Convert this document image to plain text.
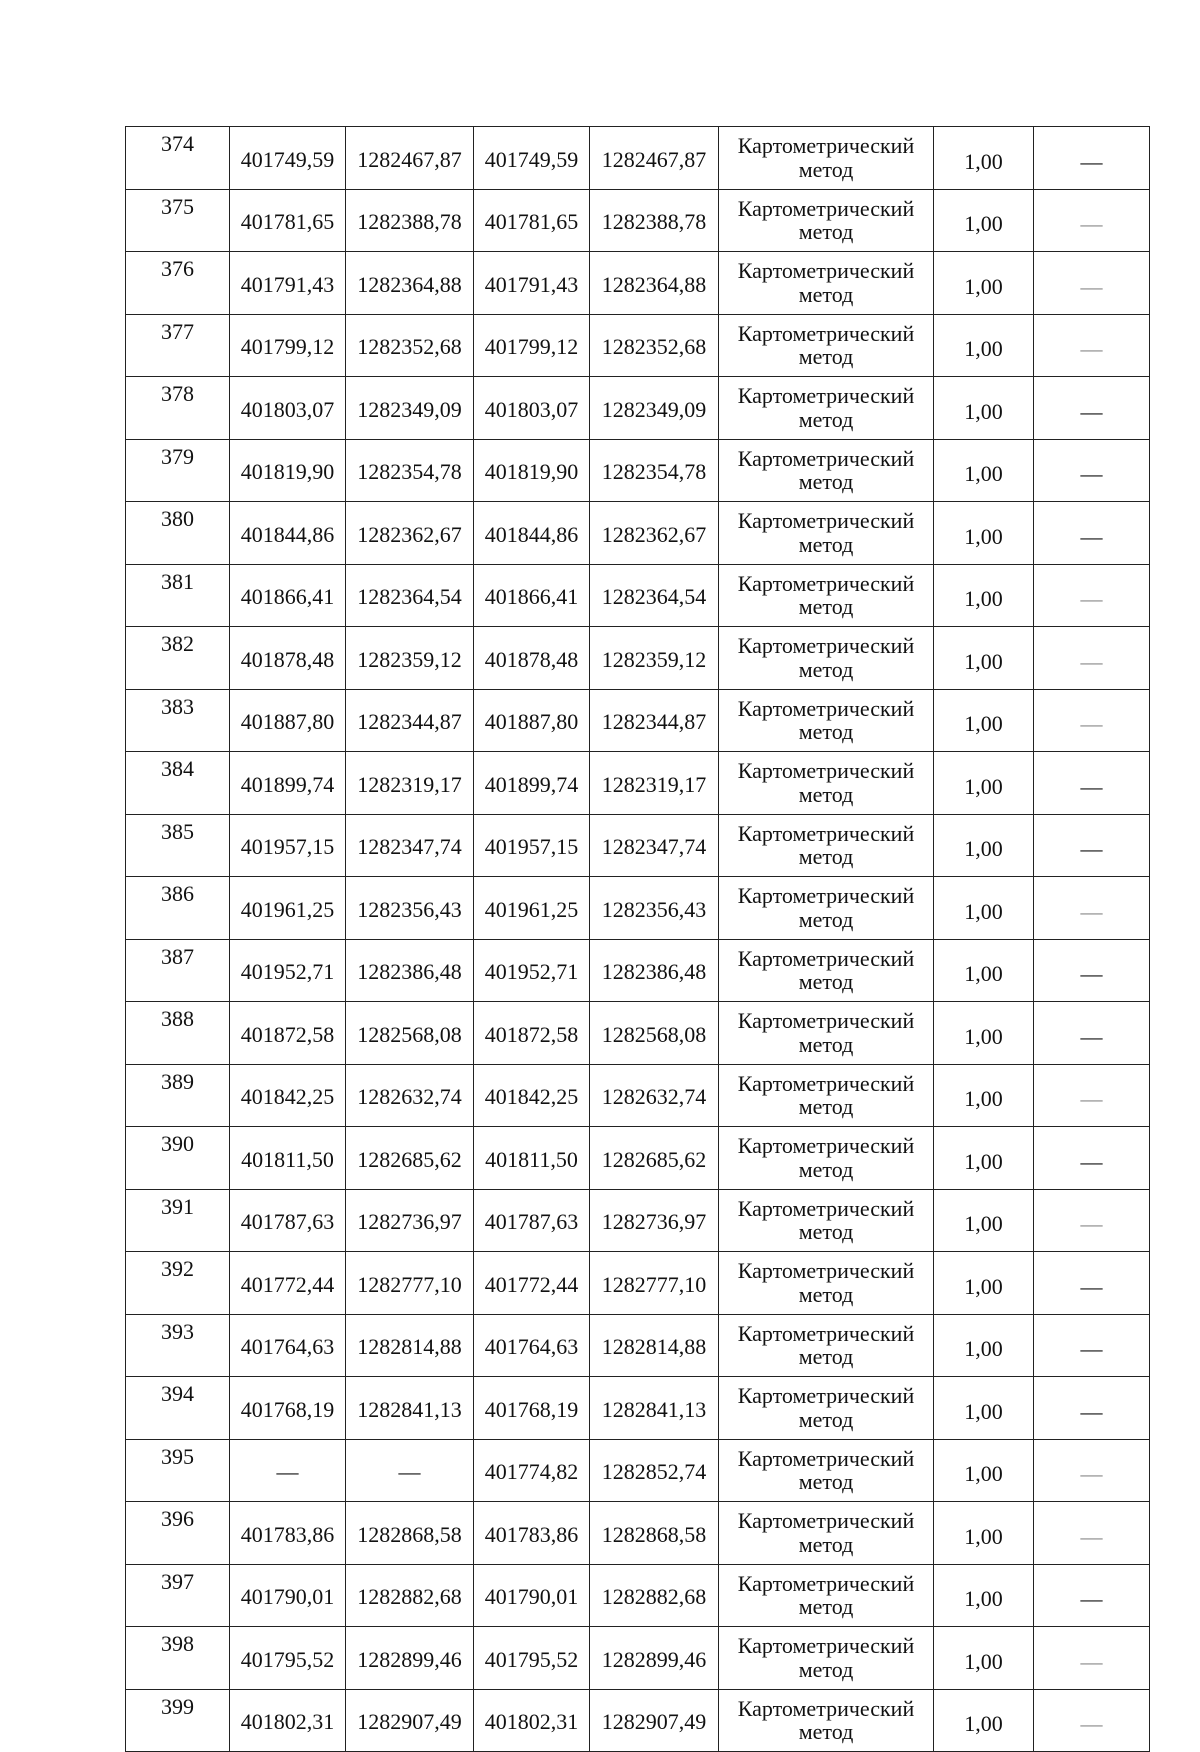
374	401749,59	1282467,87	401749,59	1282467,87	Картометрический
метод	1,00	—
375	401781,65	1282388,78	401781,65	1282388,78	Картометрический
метод	1,00	—
376	401791,43	1282364,88	401791,43	1282364,88	Картометрический
метод	1,00	—
377	401799,12	1282352,68	401799,12	1282352,68	Картометрический
метод	1,00	—
378	401803,07	1282349,09	401803,07	1282349,09	Картометрический
метод	1,00	—
379	401819,90	1282354,78	401819,90	1282354,78	Картометрический
метод	1,00	—
380	401844,86	1282362,67	401844,86	1282362,67	Картометрический
метод	1,00	—
381	401866,41	1282364,54	401866,41	1282364,54	Картометрический
метод	1,00	—
382	401878,48	1282359,12	401878,48	1282359,12	Картометрический
метод	1,00	—
383	401887,80	1282344,87	401887,80	1282344,87	Картометрический
метод	1,00	—
384	401899,74	1282319,17	401899,74	1282319,17	Картометрический
метод	1,00	—
385	401957,15	1282347,74	401957,15	1282347,74	Картометрический
метод	1,00	—
386	401961,25	1282356,43	401961,25	1282356,43	Картометрический
метод	1,00	—
387	401952,71	1282386,48	401952,71	1282386,48	Картометрический
метод	1,00	—
388	401872,58	1282568,08	401872,58	1282568,08	Картометрический
метод	1,00	—
389	401842,25	1282632,74	401842,25	1282632,74	Картометрический
метод	1,00	—
390	401811,50	1282685,62	401811,50	1282685,62	Картометрический
метод	1,00	—
391	401787,63	1282736,97	401787,63	1282736,97	Картометрический
метод	1,00	—
392	401772,44	1282777,10	401772,44	1282777,10	Картометрический
метод	1,00	—
393	401764,63	1282814,88	401764,63	1282814,88	Картометрический
метод	1,00	—
394	401768,19	1282841,13	401768,19	1282841,13	Картометрический
метод	1,00	—
395	—	—	401774,82	1282852,74	Картометрический
метод	1,00	—
396	401783,86	1282868,58	401783,86	1282868,58	Картометрический
метод	1,00	—
397	401790,01	1282882,68	401790,01	1282882,68	Картометрический
метод	1,00	—
398	401795,52	1282899,46	401795,52	1282899,46	Картометрический
метод	1,00	—
399	401802,31	1282907,49	401802,31	1282907,49	Картометрический
метод	1,00	—
